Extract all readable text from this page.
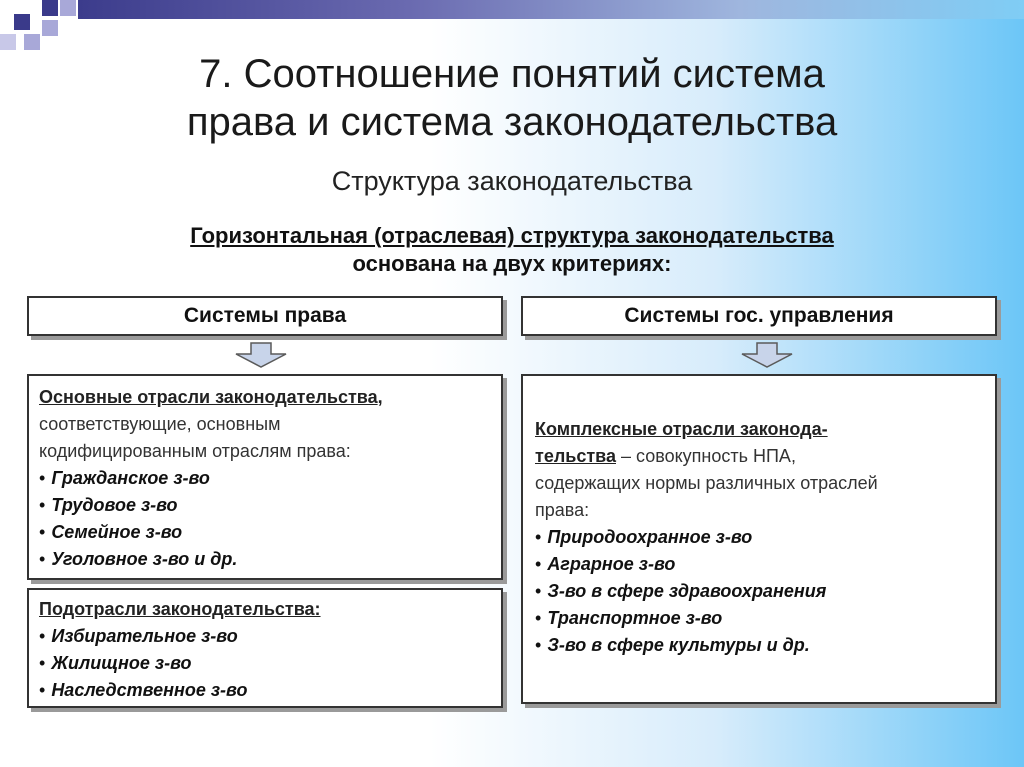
7. Соотношение понятий система
права и система законодательства
Структура законодательства
Горизонтальная (отраслевая) структура законодательства
основана на двух критериях:
Системы права	Системы гос. управления
Основные отрасли законодательства,
соответствующие, основным
кодифицированным отраслям права:
• Гражданское з-во
• Трудовое з-во
• Семейное з-во
• Уголовное з-во и др.
Подотрасли законодательства:
• Избирательное з-во
• Жилищное з-во
• Наследственное з-во
Комплексные отрасли законода-
тельства – совокупность НПА,
содержащих нормы различных отраслей
права:
• Природоохранное з-во
• Аграрное з-во
• З-во в сфере здравоохранения
• Транспортное з-во
• З-во в сфере культуры и др.
